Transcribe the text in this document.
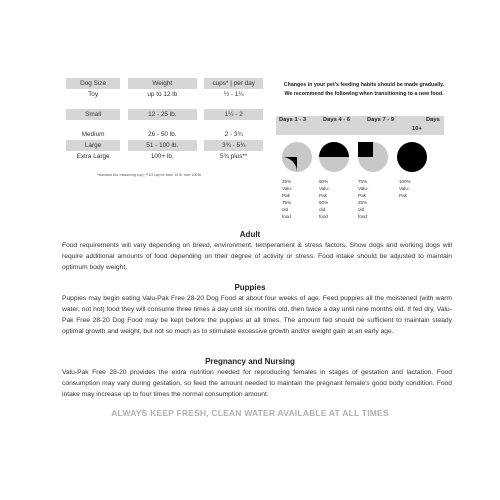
Dog Size		Weight		cups* | per day
Toy		up to 12 lb		½ - 1¼

Small		12 - 25 lb.		1¼ - 2

Medium		26 - 50 lb.		2 - 3¾
Large		51 - 100 lb.		3¾ - 5¾
Extra Large		100+ lb.		5¾ plus**
*standard 8oz measuring cup | **1/3 cup for each 10 lb. over 100 lb.
Changes in your pet's feeding habits should be made gradually.
We recommend the following when transitioning to a new food.
Days 1 - 3	Days 4 - 6	Days 7 - 9	Days
10+
25% Valu-Pak
75% old food
50% Valu-Pak
50% old food
75% Valu-Pak
25% old food
100% Valu-
Pak
Adult
Food requirements will vary depending on breed, environment, temperament & stress factors. Show dogs and working dogs will require additional amounts of food depending on their degree of activity or stress. Food intake should be adjusted to maintain optimum body weight.
Puppies
Puppies may begin eating Valu-Pak Free 28-20 Dog Food at about four weeks of age. Feed puppies all the moistened (with warm water, not hot) food they will consume three times a day until six months old, then twice a day until nine months old. If fed dry, Valu-Pak Free 28-20 Dog Food may be kept before the puppies at all times. The amount fed should be sufficient to maintain steady optimal growth and weight, but not so much as to stimulate excessive growth and/or weight gain at an early age.
Pregnancy and Nursing
Valu-Pak Free 28-20 provides the extra nutrition needed for reproducing females in stages of gestation and lactation. Food consumption may vary during gestation, so feed the amount needed to maintain the pregnant female's good body condition. Food intake may increase up to four times the normal consumption amount.
ALWAYS KEEP FRESH, CLEAN WATER AVAILABLE AT ALL TIMES
